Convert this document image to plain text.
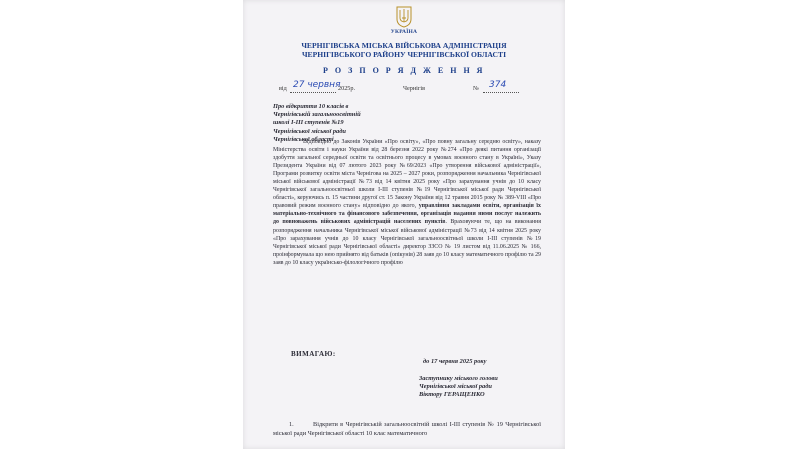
УКРАЇНА
ЧЕРНІГІВСЬКА МІСЬКА ВІЙСЬКОВА АДМІНІСТРАЦІЯ
ЧЕРНІГІВСЬКОГО РАЙОНУ ЧЕРНІГІВСЬКОЇ ОБЛАСТІ
Р О З П О Р Я Д Ж Е Н Н Я
від 27 червня
2025р.	Чернігів	№ 374
Про відкриття 10 класів в
Чернігівській загальноосвітній
школі І-ІІІ ступенів №19
Чернігівської міської ради
Чернігівської області
Відповідно до Законів України «Про освіту», «Про повну загальну середню освіту», наказу Міністерства освіти і науки України від 28 березня 2022 року №274 «Про деякі питання організації здобуття загальної середньої освіти та освітнього процесу в умовах воєнного стану в Україні», Указу Президента України від 07 лютого 2023 року №69/2023 «Про утворення військової адміністрації», Програми розвитку освіти міста Чернігова на 2025 – 2027 роки, розпорядження начальника Чернігівської міської військової адміністрації №73 від 14 квітня 2025 року «Про зарахування учнів до 10 класу Чернігівської загальноосвітньої школи І-ІІІ ступенів №19 Чернігівської міської ради Чернігівської області», керуючись п. 15 частини другої ст. 15 Закону України від 12 травня 2015 року № 389-VIII «Про правовий режим воєнного стану» відповідно до якого, управління закладами освіти, організація їх матеріально-технічного та фінансового забезпечення, організація надання ними послуг належить до повноважень військових адміністрацій населених пунктів. Враховуючи те, що на виконання розпорядження начальника Чернігівської міської військової адміністрації №73 від 14 квітня 2025 року «Про зарахування учнів до 10 класу Чернігівської загальноосвітньої школи І-ІІІ ступенів №19 Чернігівської міської ради Чернігівської області» директор ЗЗСО № 19 листом від 11.06.2025 № 166, проінформувала що нею прийнято від батьків (опікунів) 28 заяв до 10 класу математичного профілю та 29 заяв до 10 класу українсько-філологічного профілю
ВИМАГАЮ:
до 17 червня 2025 року
Заступнику міського голови
Чернігівської міської ради
Віктору ГЕРАЩЕНКО
1.	Відкрити в Чернігівській загальноосвітній школі І-ІІІ ступенів № 19 Чернігівської міської ради Чернігівської області 10 клас математичного
